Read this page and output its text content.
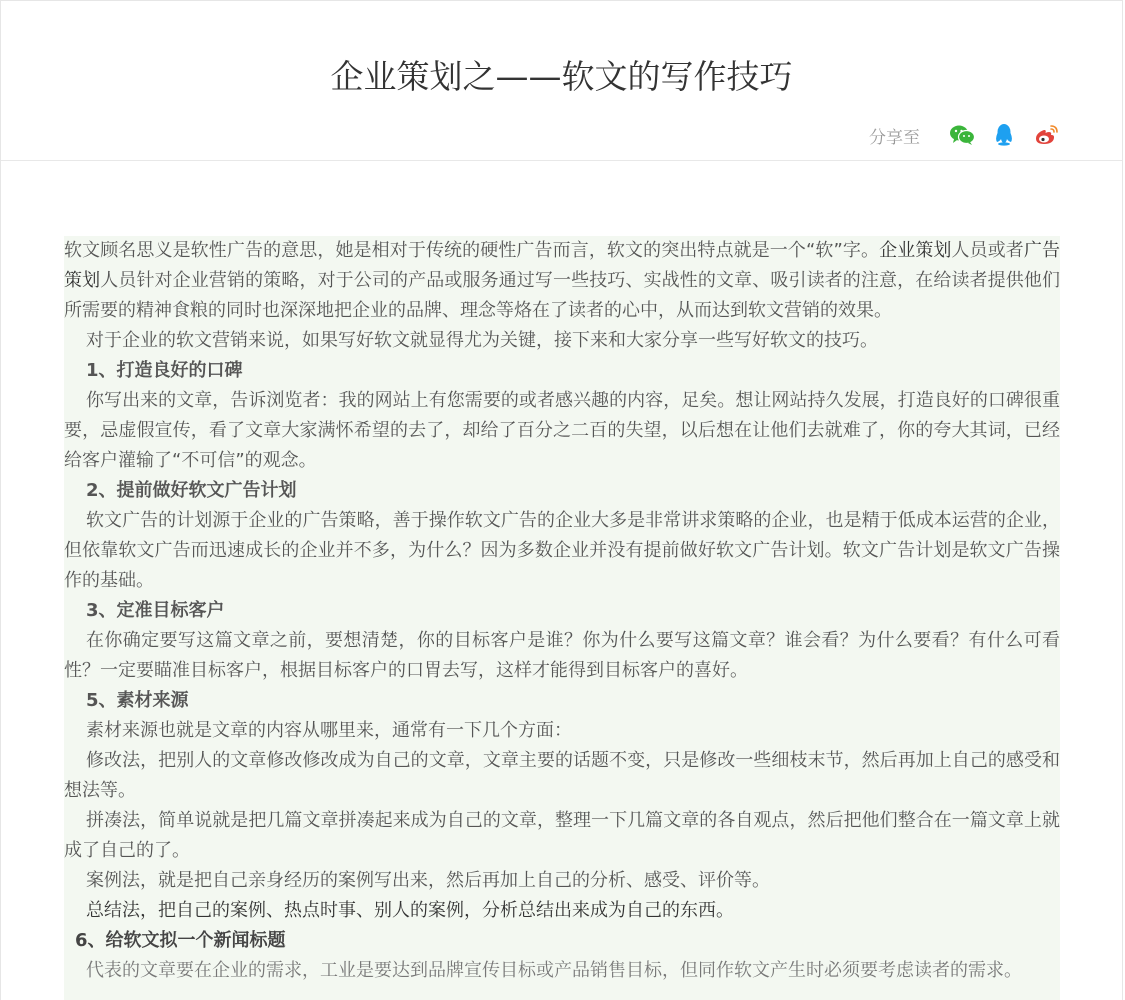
企业策划之——软文的写作技巧
分享至

软文顾名思义是软性广告的意思，她是相对于传统的硬性广告而言，软文的突出特点就是一个“软”字。企业策划人员或者广告策划人员针对企业营销的策略，对于公司的产品或服务通过写一些技巧、实战性的文章、吸引读者的注意，在给读者提供他们所需要的精神食粮的同时也深深地把企业的品牌、理念等烙在了读者的心中，从而达到软文营销的效果。

对于企业的软文营销来说，如果写好软文就显得尤为关键，接下来和大家分享一些写好软文的技巧。

1、打造良好的口碑

你写出来的文章，告诉浏览者：我的网站上有您需要的或者感兴趣的内容，足矣。想让网站持久发展，打造良好的口碑很重要，忌虚假宣传，看了文章大家满怀希望的去了，却给了百分之二百的失望，以后想在让他们去就难了，你的夸大其词，已经给客户灌输了“不可信”的观念。

2、提前做好软文广告计划

软文广告的计划源于企业的广告策略，善于操作软文广告的企业大多是非常讲求策略的企业，也是精于低成本运营的企业，但依靠软文广告而迅速成长的企业并不多，为什么？因为多数企业并没有提前做好软文广告计划。软文广告计划是软文广告操作的基础。

3、定准目标客户

在你确定要写这篇文章之前，要想清楚，你的目标客户是谁？你为什么要写这篇文章？谁会看？为什么要看？有什么可看性？一定要瞄准目标客户，根据目标客户的口胃去写，这样才能得到目标客户的喜好。

5、素材来源

素材来源也就是文章的内容从哪里来，通常有一下几个方面：

修改法，把别人的文章修改修改成为自己的文章，文章主要的话题不变，只是修改一些细枝末节，然后再加上自己的感受和想法等。

拼凑法，简单说就是把几篇文章拼凑起来成为自己的文章，整理一下几篇文章的各自观点，然后把他们整合在一篇文章上就成了自己的了。

案例法，就是把自己亲身经历的案例写出来，然后再加上自己的分析、感受、评价等。

总结法，把自己的案例、热点时事、别人的案例，分析总结出来成为自己的东西。

6、给软文拟一个新闻标题

代表的文章要在企业的需求，工业是要达到品牌宣传目标或产品销售目标，但同作软文产生时必须要考虑读者的需求。
